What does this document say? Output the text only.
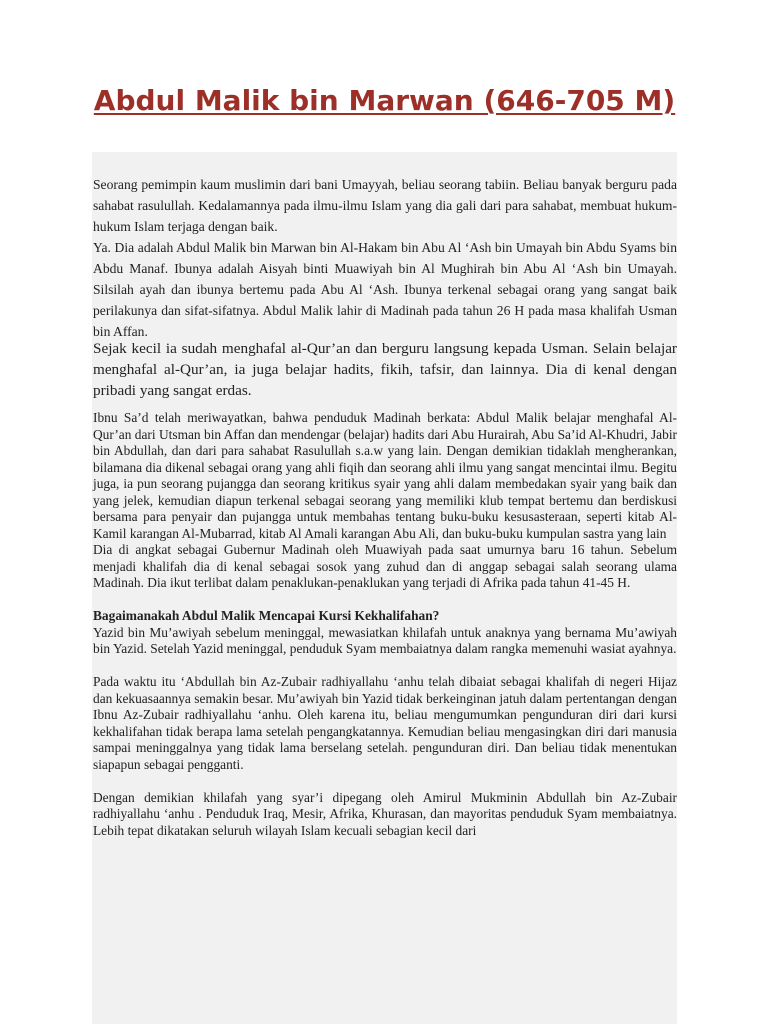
Abdul Malik bin Marwan (646-705 M)

Seorang pemimpin kaum muslimin dari bani Umayyah, beliau seorang tabiin. Beliau banyak berguru pada sahabat rasulullah. Kedalamannya pada ilmu-ilmu Islam yang dia gali dari para sahabat, membuat hukum-hukum Islam terjaga dengan baik.

Ya. Dia adalah Abdul Malik bin Marwan bin Al-Hakam bin Abu Al ‘Ash bin Umayah bin Abdu Syams bin Abdu Manaf. Ibunya adalah Aisyah binti Muawiyah bin Al Mughirah bin Abu Al ‘Ash bin Umayah. Silsilah ayah dan ibunya bertemu pada Abu Al ‘Ash. Ibunya terkenal sebagai orang yang sangat baik perilakunya dan sifat-sifatnya. Abdul Malik lahir di Madinah pada tahun 26 H pada masa khalifah Usman bin Affan.

Sejak kecil ia sudah menghafal al-Qur’an dan berguru langsung kepada Usman. Selain belajar menghafal al-Qur’an, ia juga belajar hadits, fikih, tafsir, dan lainnya. Dia di kenal dengan pribadi yang sangat erdas.

Ibnu Sa’d telah meriwayatkan, bahwa penduduk Madinah berkata: Abdul Malik belajar menghafal Al-Qur’an dari Utsman bin Affan dan mendengar (belajar) hadits dari Abu Hurairah, Abu Sa’id Al-Khudri, Jabir bin Abdullah, dan dari para sahabat Rasulullah s.a.w yang lain. Dengan demikian tidaklah mengherankan, bilamana dia dikenal sebagai orang yang ahli fiqih dan seorang ahli ilmu yang sangat mencintai ilmu. Begitu juga, ia pun seorang pujangga dan seorang kritikus syair yang ahli dalam membedakan syair yang baik dan yang jelek, kemudian diapun terkenal sebagai seorang yang memiliki klub tempat bertemu dan berdiskusi bersama para penyair dan pujangga untuk membahas tentang buku-buku kesusasteraan, seperti kitab Al-Kamil karangan Al-Mubarrad, kitab Al Amali karangan Abu Ali, dan buku-buku kumpulan sastra yang lain

Dia di angkat sebagai Gubernur Madinah oleh Muawiyah pada saat umurnya baru 16 tahun. Sebelum menjadi khalifah dia di kenal sebagai sosok yang zuhud dan di anggap sebagai salah seorang ulama Madinah. Dia ikut terlibat dalam penaklukan-penaklukan yang terjadi di Afrika pada tahun 41-45 H.

Bagaimanakah Abdul Malik Mencapai Kursi Kekhalifahan?

Yazid bin Mu’awiyah sebelum meninggal, mewasiatkan khilafah untuk anaknya yang bernama Mu’awiyah bin Yazid. Setelah Yazid meninggal, penduduk Syam membaiatnya dalam rangka memenuhi wasiat ayahnya.

Pada waktu itu ‘Abdullah bin Az-Zubair radhiyallahu ‘anhu telah dibaiat sebagai khalifah di negeri Hijaz dan kekuasaannya semakin besar. Mu’awiyah bin Yazid tidak berkeinginan jatuh dalam pertentangan dengan Ibnu Az-Zubair radhiyallahu ‘anhu. Oleh karena itu, beliau mengumumkan pengunduran diri dari kursi kekhalifahan tidak berapa lama setelah pengangkatannya. Kemudian beliau mengasingkan diri dari manusia sampai meninggalnya yang tidak lama berselang setelah. pengunduran diri. Dan beliau tidak menentukan siapapun sebagai pengganti.

Dengan demikian khilafah yang syar’i dipegang oleh Amirul Mukminin Abdullah bin Az-Zubair radhiyallahu ‘anhu . Penduduk Iraq, Mesir, Afrika, Khurasan, dan mayoritas penduduk Syam membaiatnya. Lebih tepat dikatakan seluruh wilayah Islam kecuali sebagian kecil dari
